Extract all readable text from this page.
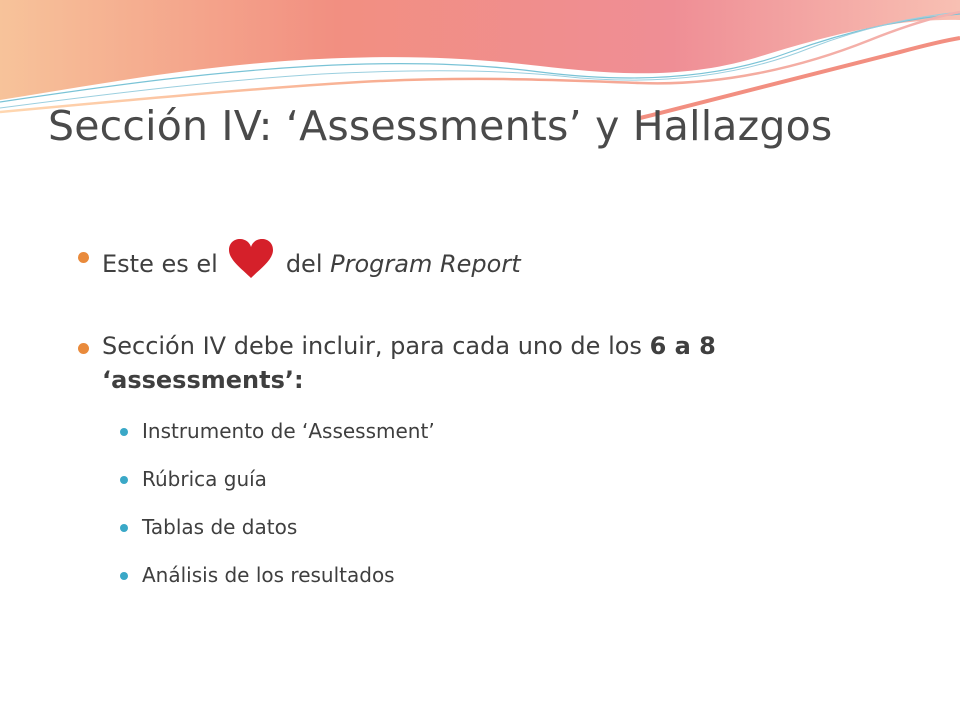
Sección IV: ‘Assessments’ y Hallazgos
Este es el	del Program Report
Sección IV debe incluir, para cada uno de los 6 a 8 ‘assessments’:
Instrumento de ‘Assessment’
Rúbrica guía
Tablas de datos
Análisis de los resultados
